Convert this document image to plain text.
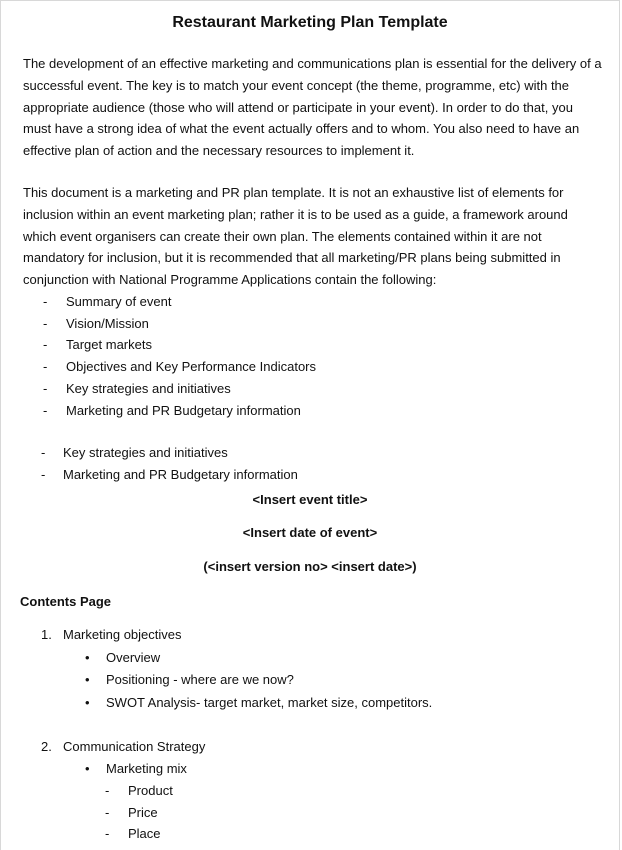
Restaurant Marketing Plan Template

The development of an effective marketing and communications plan is essential for the delivery of a successful event. The key is to match your event concept (the theme, programme, etc) with the appropriate audience (those who will attend or participate in your event). In order to do that, you must have a strong idea of what the event actually offers and to whom. You also need to have an effective plan of action and the necessary resources to implement it.

This document is a marketing and PR plan template. It is not an exhaustive list of elements for inclusion within an event marketing plan; rather it is to be used as a guide, a framework around which event organisers can create their own plan. The elements contained within it are not mandatory for inclusion, but it is recommended that all marketing/PR plans being submitted in conjunction with National Programme Applications contain the following:

- Summary of event
- Vision/Mission
- Target markets
- Objectives and Key Performance Indicators
- Key strategies and initiatives
- Marketing and PR Budgetary information
- Key strategies and initiatives
- Marketing and PR Budgetary information
<Insert event title>
<Insert date of event>
(<insert version no> <insert date>)
Contents Page
1. Marketing objectives
• Overview
• Positioning - where are we now?
• SWOT Analysis- target market, market size, competitors.
2. Communication Strategy
• Marketing mix
- Product
- Price
- Place
